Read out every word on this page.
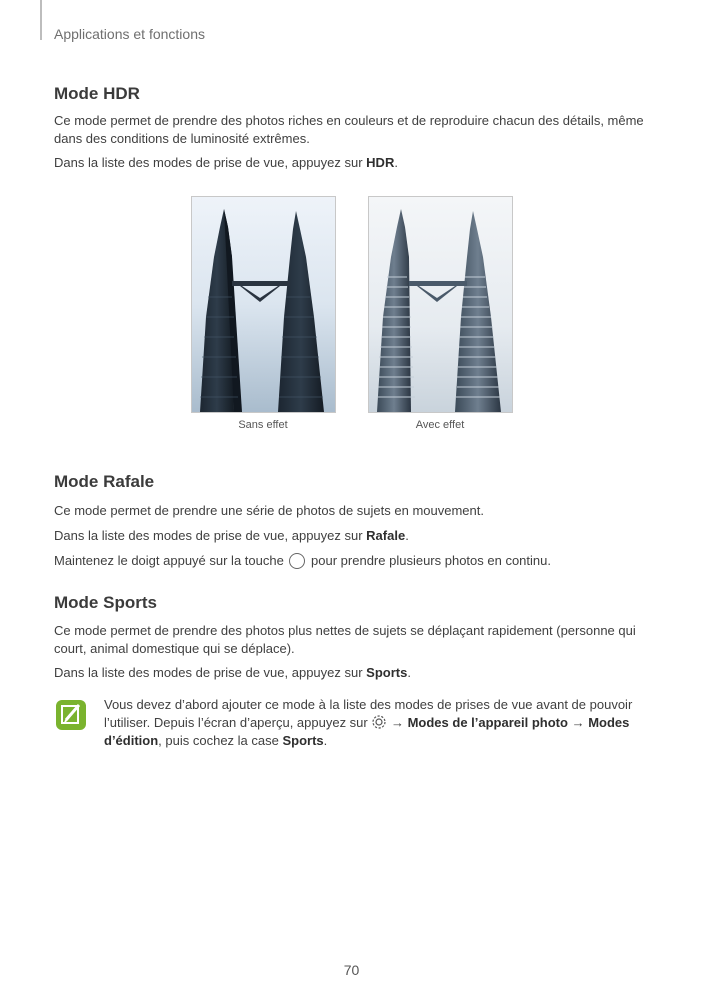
Applications et fonctions
Mode HDR

Ce mode permet de prendre des photos riches en couleurs et de reproduire chacun des détails, même dans des conditions de luminosité extrêmes.

Dans la liste des modes de prise de vue, appuyez sur HDR.

Sans effet	Avec effet
Mode Rafale

Ce mode permet de prendre une série de photos de sujets en mouvement.

Dans la liste des modes de prise de vue, appuyez sur Rafale.

Maintenez le doigt appuyé sur la touche  pour prendre plusieurs photos en continu.

Mode Sports

Ce mode permet de prendre des photos plus nettes de sujets se déplaçant rapidement (personne qui court, animal domestique qui se déplace).

Dans la liste des modes de prise de vue, appuyez sur Sports.

Vous devez d’abord ajouter ce mode à la liste des modes de prises de vue avant de pouvoir l’utiliser. Depuis l’écran d’aperçu, appuyez sur  → Modes de l’appareil photo → Modes d’édition, puis cochez la case Sports.

70
